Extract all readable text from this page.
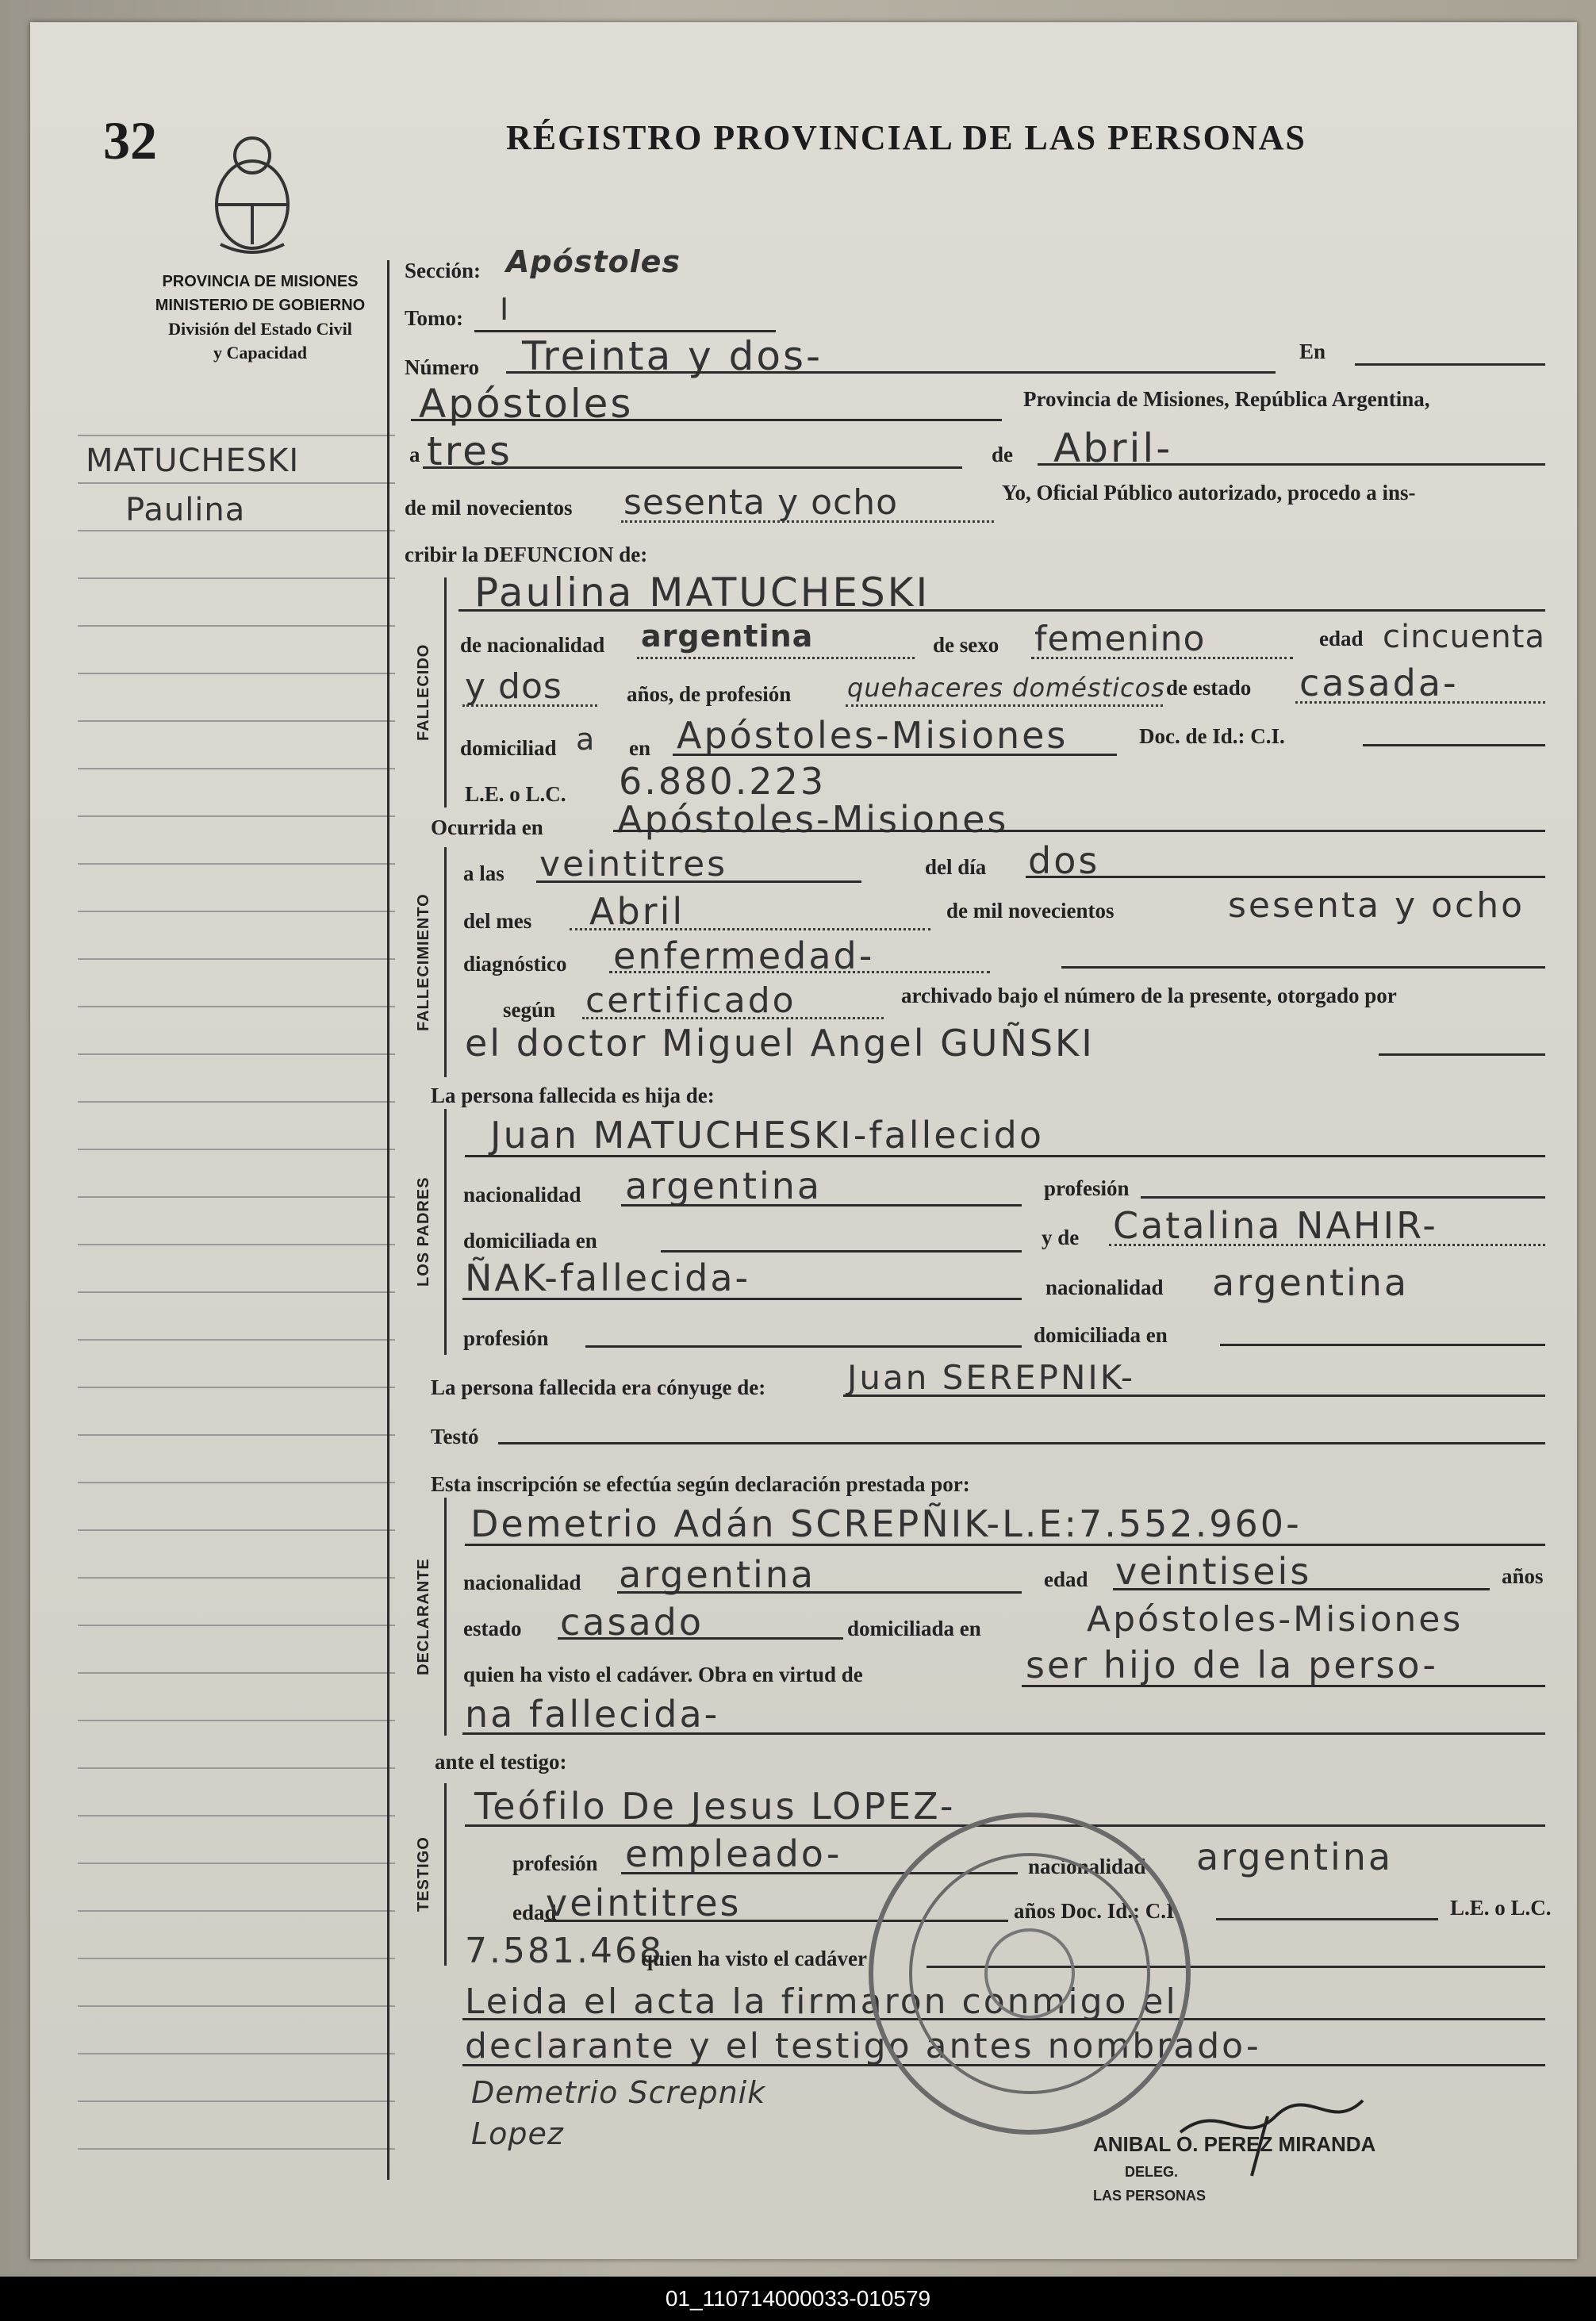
32	RÉGISTRO PROVINCIAL DE LAS PERSONAS
PROVINCIA DE MISIONES
MINISTERIO DE GOBIERNO
División del Estado Civil
y Capacidad
MATUCHESKI
Paulina
Sección: Apóstoles
Tomo: I
Número Treinta y dos-	En
Apóstoles	Provincia de Misiones, República Argentina,
a tres	de Abril-
de mil novecientos sesenta y ocho	Yo, Oficial Público autorizado, procedo a ins-
cribir la DEFUNCION de:
FALLECIDO
Paulina MATUCHESKI
de nacionalidad argentina	de sexo femenino	edad cincuenta
y dos	años, de profesión quehaceres domésticos de estado casada-
domiciliad a en Apóstoles-Misiones	Doc. de Id.: C.I.
L.E. o L.C. 6.880.223
Ocurrida en Apóstoles-Misiones
FALLECIMIENTO
a las veintitres	del día dos
del mes Abril	de mil novecientos	sesenta y ocho
diagnóstico enfermedad-
según certificado	archivado bajo el número de la presente, otorgado por
el doctor Miguel Angel GUÑSKI
La persona fallecida es hija de:
LOS PADRES
Juan MATUCHESKI-fallecido
nacionalidad argentina	profesión
domiciliada en	y de Catalina NAHIR-
ÑAK-fallecida-	nacionalidad argentina
profesión	domiciliada en
La persona fallecida era cónyuge de: Juan SEREPNIK-
Testó
Esta inscripción se efectúa según declaración prestada por:
DECLARANTE
Demetrio Adán SCREPÑIK-L.E:7.552.960-
nacionalidad argentina	edad veintiseis	años
estado casado	domiciliada en	Apóstoles-Misiones
quien ha visto el cadáver. Obra en virtud de	ser hijo de la perso-
na fallecida-
ante el testigo:
TESTIGO
Teófilo De Jesus LOPEZ-
profesión empleado-	nacionalidad argentina
edad
veintitres	años Doc. Id.: C.I.	L.E. o L.C.
7.581.468
quien ha visto el cadáver
Leida el acta la firmaron conmigo el
declarante y el testigo antes nombrado-
Demetrio Screpnik
Lopez	ANIBAL O. PEREZ MIRANDA
DELEG.
LAS PERSONAS
01_110714000033-010579
